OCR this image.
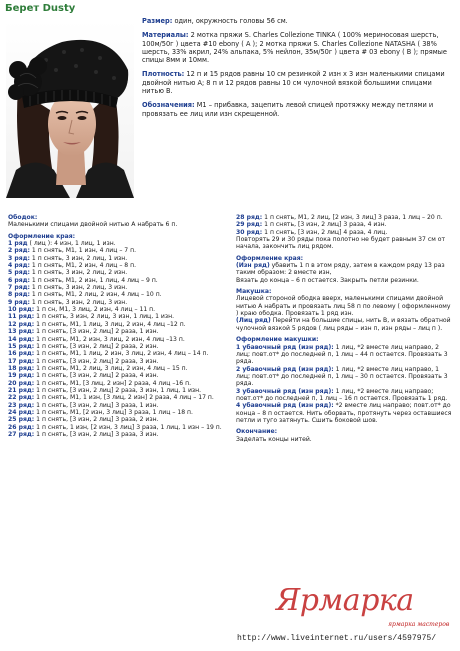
Берет Dusty

Размер: один, окружность головы 56 см.

Материалы: 2 мотка пряжи S. Charles Collezione TINKA ( 100% мериносовая шерсть, 100м/50г ) цвета #10 ebony ( А ); 2 мотка пряжи S. Charles Collezione NATASHA ( 38% шерсть, 33% акрил, 24% альпака, 5% нейлон, 35м/50г ) цвета # 03 ebony ( В ); прямые спицы 8мм и 10мм.

Плотность: 12 п и 15 рядов равны 10 см резинкой 2 изн х 3 изн маленькими спицами двойной нитью А; 8 п и 12 рядов равны 10 см чулочной вязкой большими спицами нитью В.

Обозначения: М1 – прибавка, зацепить левой спицей протяжку между петлями и провязать ее лиц или изн скрещенной.

Ободок:
Маленькими спицами двойной нитью А набрать 6 п.
Оформление края:
1 ряд ( лиц ): 4 изн, 1 лиц, 1 изн.
2 ряд: 1 п снять, М1, 1 изн, 4 лиц – 7 п.
3 ряд: 1 п снять, 3 изн, 2 лиц, 1 изн.
4 ряд: 1 п снять, М1, 2 изн, 4 лиц – 8 п.
5 ряд: 1 п снять, 3 изн, 2 лиц, 2 изн.
6 ряд: 1 п снять, М1, 2 изн, 1 лиц, 4 лиц – 9 п.
7 ряд: 1 п снять, 3 изн, 2 лиц, 3 изн.
8 ряд: 1 п снять, М1, 2 лиц, 2 изн, 4 лиц – 10 п.
9 ряд: 1 п снять, 3 изн, 2 лиц, 3 изн.
10 ряд: 1 п сн, М1, 3 лиц, 2 изн, 4 лиц – 11 п.
11 ряд: 1 п снять, 3 изн, 2 лиц, 3 изн, 1 лиц, 1 изн.
12 ряд: 1 п снять, М1, 1 лиц, 3 лиц, 2 изн, 4 лиц –12 п.
13 ряд: 1 п снять, [3 изн, 2 лиц] 2 раза, 1 изн.
14 ряд: 1 п снять, М1, 2 изн, 3 лиц, 2 изн, 4 лиц –13 п.
15 ряд: 1 п снять, [3 изн, 2 лиц] 2 раза, 2 изн.
16 ряд: 1 п снять, М1, 1 лиц, 2 изн, 3 лиц, 2 изн, 4 лиц – 14 п.
17 ряд: 1 п снять, [3 изн, 2 лиц] 2 раза, 3 изн.
18 ряд: 1 п снять, М1, 2 лиц, 3 лиц, 2 изн, 4 лиц – 15 п.
19 ряд: 1 п снять, [3 изн, 2 лиц] 2 раза, 4 изн.
20 ряд: 1 п снять, М1, [3 лиц, 2 изн] 2 раза, 4 лиц –16 п.
21 ряд: 1 п снять, [3 изн, 2 лиц] 2 раза, 3 изн, 1 лиц, 1 изн.
22 ряд: 1 п снять, М1, 1 изн, [3 лиц, 2 изн] 2 раза, 4 лиц – 17 п.
23 ряд: 1 п снять, [3 изн, 2 лиц] 3 раза, 1 изн.
24 ряд: 1 п снять, М1, [2 изн, 3 лиц] 3 раза, 1 лиц – 18 п.
25 ряд: 1 п снять, [3 изн, 2 лиц] 3 раза, 2 изн.
26 ряд: 1 п снять, 1 изн, [2 изн, 3 лиц] 3 раза, 1 лиц, 1 изн – 19 п.
27 ряд: 1 п снять, [3 изн, 2 лиц] 3 раза, 3 изн.
28 ряд: 1 п снять, М1, 2 лиц, [2 изн, 3 лиц] 3 раза, 1 лиц – 20 п.
29 ряд: 1 п снять, [3 изн, 2 лиц] 3 раза, 4 изн.
30 ряд: 1 п снять, [3 изн, 2 лиц] 4 раза, 4 лиц.
Повторять 29 и 30 ряды пока полотно не будет равным 37 см от начала, закончить лиц рядом.
Оформление края:
(Изн ряд) убавить 1 п в этом ряду, затем в каждом ряду 13 раз таким образом: 2 вместе изн,
Вязать до конца – 6 п остается. Закрыть петли резинки.
Макушка:
Лицевой стороной ободка вверх, маленькими спицами двойной нитью А набрать и провязать лиц 58 п по левому ( оформленному ) краю ободка. Провязать 1 ряд изн.
(Лиц ряд) Перейти на большие спицы, нить В, и вязать обратной чулочной вязкой 5 рядов ( лиц ряды – изн п, изн ряды – лиц п ).
Оформление макушки:
1 убавочный ряд (изн ряд): 1 лиц, *2 вместе лиц направо, 2 лиц; повт.от* до последней п, 1 лиц – 44 п остается. Провязать 3 ряда.
2 убавочный ряд (изн ряд): 1 лиц, *2 вместе лиц направо, 1 лиц; повт.от* до последней п, 1 лиц – 30 п остается. Провязать 3 ряда.
3 убавочный ряд (изн ряд): 1 лиц, *2 вместе лиц направо; повт.от* до последней п, 1 лиц – 16 п остается. Провязать 1 ряд.
4 убавочный ряд (изн ряд): *2 вместе лиц направо; повт.от* до конца – 8 п остается. Нить оборвать, протянуть через оставшиеся петли и туго затянуть. Сшить боковой шов.
Окончание:
Заделать концы нитей.
Ярмарка
ярмарка мастеров
http://www.liveinternet.ru/users/4597975/
